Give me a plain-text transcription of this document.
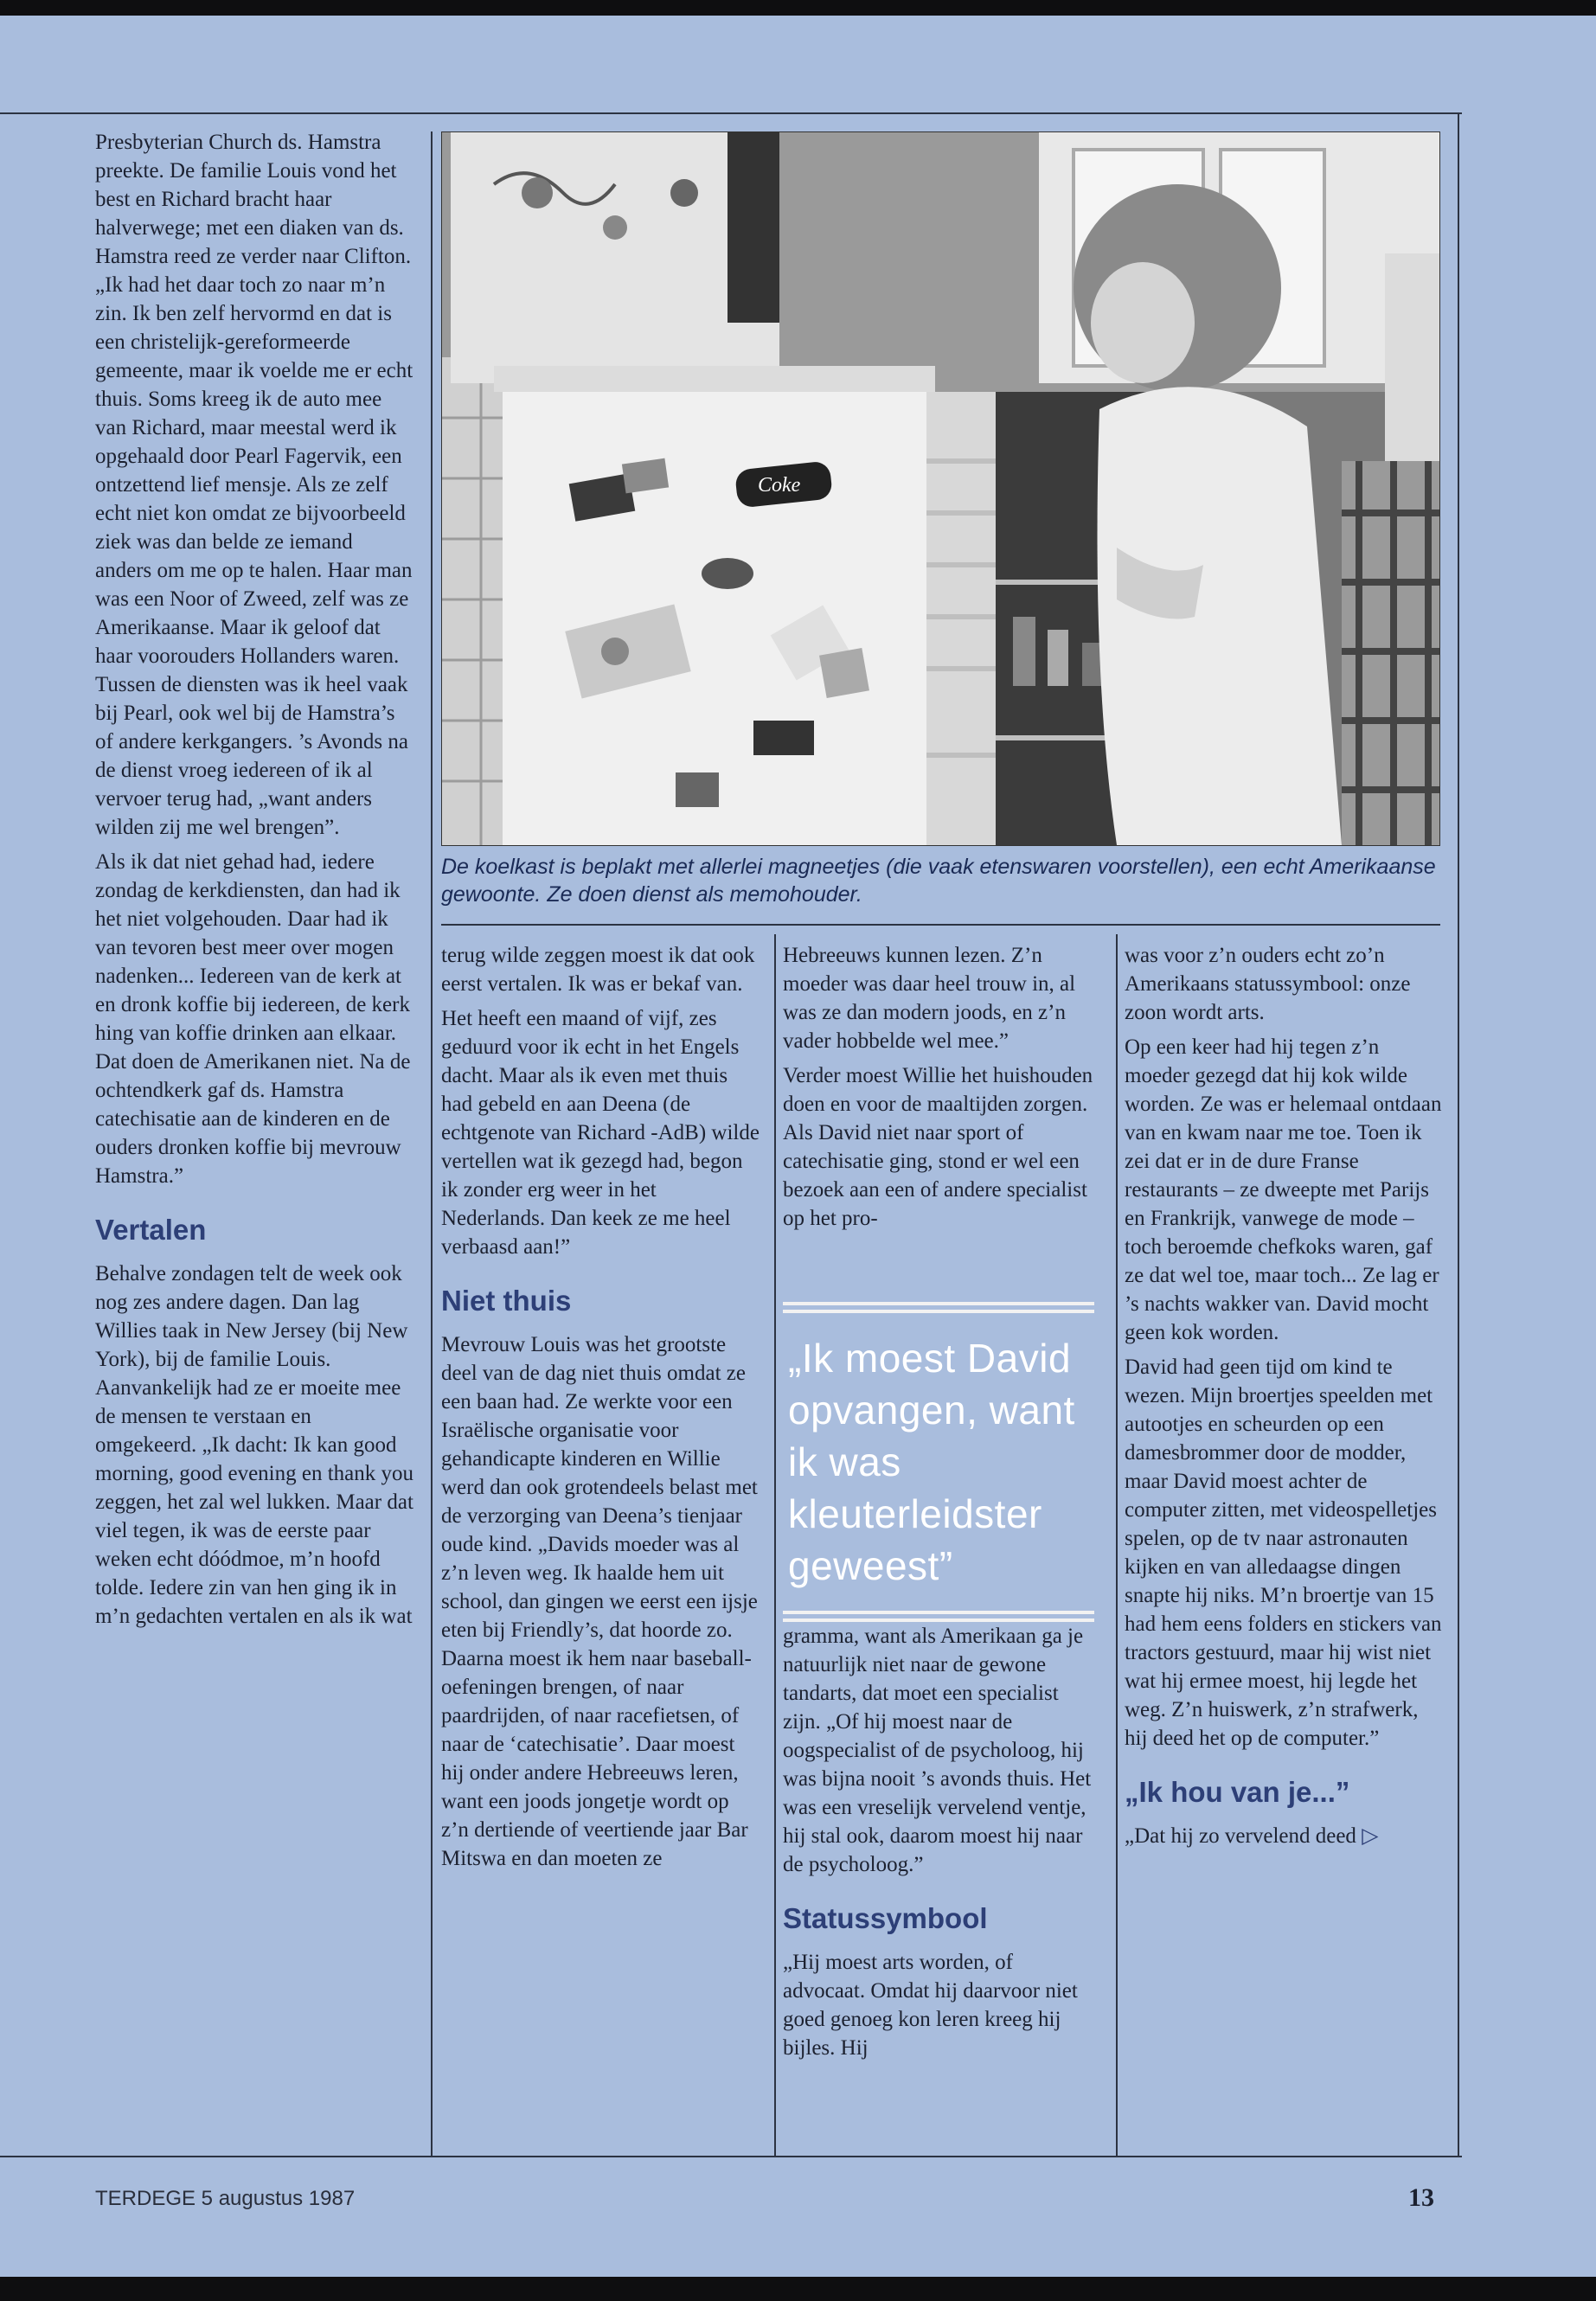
Coke
De koelkast is beplakt met allerlei magneetjes (die vaak etenswaren voorstellen), een echt Amerikaanse gewoonte. Ze doen dienst als memohouder.

Presbyterian Church ds. Hamstra preekte. De familie Louis vond het best en Richard bracht haar halverwege; met een diaken van ds. Hamstra reed ze verder naar Clifton. „Ik had het daar toch zo naar m’n zin. Ik ben zelf hervormd en dat is een christelijk-gereformeerde gemeente, maar ik voelde me er echt thuis. Soms kreeg ik de auto mee van Richard, maar meestal werd ik opgehaald door Pearl Fagervik, een ontzettend lief mensje. Als ze zelf echt niet kon omdat ze bijvoorbeeld ziek was dan belde ze iemand anders om me op te halen. Haar man was een Noor of Zweed, zelf was ze Amerikaanse. Maar ik geloof dat haar voorouders Hollanders waren. Tussen de diensten was ik heel vaak bij Pearl, ook wel bij de Hamstra’s of andere kerkgangers. ’s Avonds na de dienst vroeg iedereen of ik al vervoer terug had, „want anders wilden zij me wel brengen”.

Als ik dat niet gehad had, iedere zondag de kerkdiensten, dan had ik het niet volgehouden. Daar had ik van tevoren best meer over mogen nadenken... Iedereen van de kerk at en dronk koffie bij iedereen, de kerk hing van koffie drinken aan elkaar. Dat doen de Amerikanen niet. Na de ochtendkerk gaf ds. Hamstra catechisatie aan de kinderen en de ouders dronken koffie bij mevrouw Hamstra.”

Vertalen

Behalve zondagen telt de week ook nog zes andere dagen. Dan lag Willies taak in New Jersey (bij New York), bij de familie Louis. Aanvankelijk had ze er moeite mee de mensen te verstaan en omgekeerd. „Ik dacht: Ik kan good morning, good evening en thank you zeggen, het zal wel lukken. Maar dat viel tegen, ik was de eerste paar weken echt dóódmoe, m’n hoofd tolde. Iedere zin van hen ging ik in m’n gedachten vertalen en als ik wat

terug wilde zeggen moest ik dat ook eerst vertalen. Ik was er bekaf van.

Het heeft een maand of vijf, zes geduurd voor ik echt in het Engels dacht. Maar als ik even met thuis had gebeld en aan Deena (de echtgenote van Richard -AdB) wilde vertellen wat ik gezegd had, begon ik zonder erg weer in het Nederlands. Dan keek ze me heel verbaasd aan!”

Niet thuis

Mevrouw Louis was het grootste deel van de dag niet thuis omdat ze een baan had. Ze werkte voor een Israëlische organisatie voor gehandicapte kinderen en Willie werd dan ook grotendeels belast met de verzorging van Deena’s tienjaar oude kind. „Davids moeder was al z’n leven weg. Ik haalde hem uit school, dan gingen we eerst een ijsje eten bij Friendly’s, dat hoorde zo. Daarna moest ik hem naar baseball-oefeningen brengen, of naar paardrijden, of naar racefietsen, of naar de ‘catechisatie’. Daar moest hij onder andere Hebreeuws leren, want een joods jongetje wordt op z’n dertiende of veertiende jaar Bar Mitswa en dan moeten ze

Hebreeuws kunnen lezen. Z’n moeder was daar heel trouw in, al was ze dan modern joods, en z’n vader hobbelde wel mee.”

Verder moest Willie het huishouden doen en voor de maaltijden zorgen. Als David niet naar sport of catechisatie ging, stond er wel een bezoek aan een of andere specialist op het pro-

„Ik moest David opvangen, want ik was kleuterleidster geweest”

gramma, want als Amerikaan ga je natuurlijk niet naar de gewone tandarts, dat moet een specialist zijn. „Of hij moest naar de oogspecialist of de psycholoog, hij was bijna nooit ’s avonds thuis. Het was een vreselijk vervelend ventje, hij stal ook, daarom moest hij naar de psycholoog.”

Statussymbool

„Hij moest arts worden, of advocaat. Omdat hij daarvoor niet goed genoeg kon leren kreeg hij bijles. Hij

was voor z’n ouders echt zo’n Amerikaans statussymbool: onze zoon wordt arts.

Op een keer had hij tegen z’n moeder gezegd dat hij kok wilde worden. Ze was er helemaal ontdaan van en kwam naar me toe. Toen ik zei dat er in de dure Franse restaurants – ze dweepte met Parijs en Frankrijk, vanwege de mode – toch beroemde chefkoks waren, gaf ze dat wel toe, maar toch... Ze lag er ’s nachts wakker van. David mocht geen kok worden.

David had geen tijd om kind te wezen. Mijn broertjes speelden met autootjes en scheurden op een damesbrommer door de modder, maar David moest achter de computer zitten, met videospelletjes spelen, op de tv naar astronauten kijken en van alledaagse dingen snapte hij niks. M’n broertje van 15 had hem eens folders en stickers van tractors gestuurd, maar hij wist niet wat hij ermee moest, hij legde het weg. Z’n huiswerk, z’n strafwerk, hij deed het op de computer.”

„Ik hou van je...”

„Dat hij zo vervelend deed ▷

TERDEGE 5 augustus 1987	13
